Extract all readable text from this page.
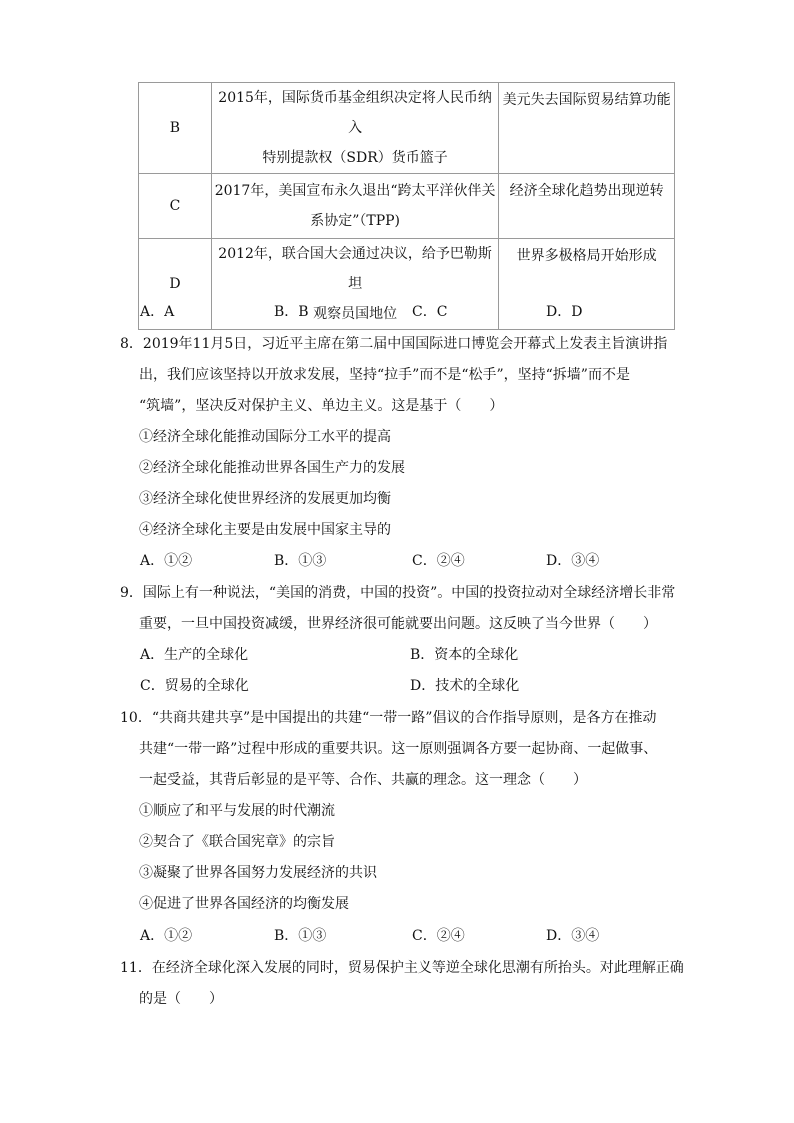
B	2015年，国际货币基金组织决定将人民币纳入
特别提款权（SDR）货币篮子	美元失去国际贸易结算功能
C	2017年，美国宣布永久退出“跨太平洋伙伴关
系协定”（TPP)	经济全球化趋势出现逆转
D	2012年，联合国大会通过决议，给予巴勒斯坦
观察员国地位	世界多极格局开始形成
A．A	B．B	C．C	D．D
8．2019年11月5日，习近平主席在第二届中国国际进口博览会开幕式上发表主旨演讲指
出，我们应该坚持以开放求发展，坚持“拉手”而不是“松手”，坚持“拆墙”而不是
“筑墙”，坚决反对保护主义、单边主义。这是基于（　　）
①经济全球化能推动国际分工水平的提高
②经济全球化能推动世界各国生产力的发展
③经济全球化使世界经济的发展更加均衡
④经济全球化主要是由发展中国家主导的
A．①②	B．①③	C．②④	D．③④
9．国际上有一种说法，“美国的消费，中国的投资”。中国的投资拉动对全球经济增长非常
重要，一旦中国投资减缓，世界经济很可能就要出问题。这反映了当今世界（　　）
A．生产的全球化	B．资本的全球化
C．贸易的全球化	D．技术的全球化
10．“共商共建共享”是中国提出的共建“一带一路”倡议的合作指导原则，是各方在推动
共建“一带一路”过程中形成的重要共识。这一原则强调各方要一起协商、一起做事、
一起受益，其背后彰显的是平等、合作、共赢的理念。这一理念（　　）
①顺应了和平与发展的时代潮流
②契合了《联合国宪章》的宗旨
③凝聚了世界各国努力发展经济的共识
④促进了世界各国经济的均衡发展
A．①②	B．①③	C．②④	D．③④
11．在经济全球化深入发展的同时，贸易保护主义等逆全球化思潮有所抬头。对此理解正确
的是（　　）
